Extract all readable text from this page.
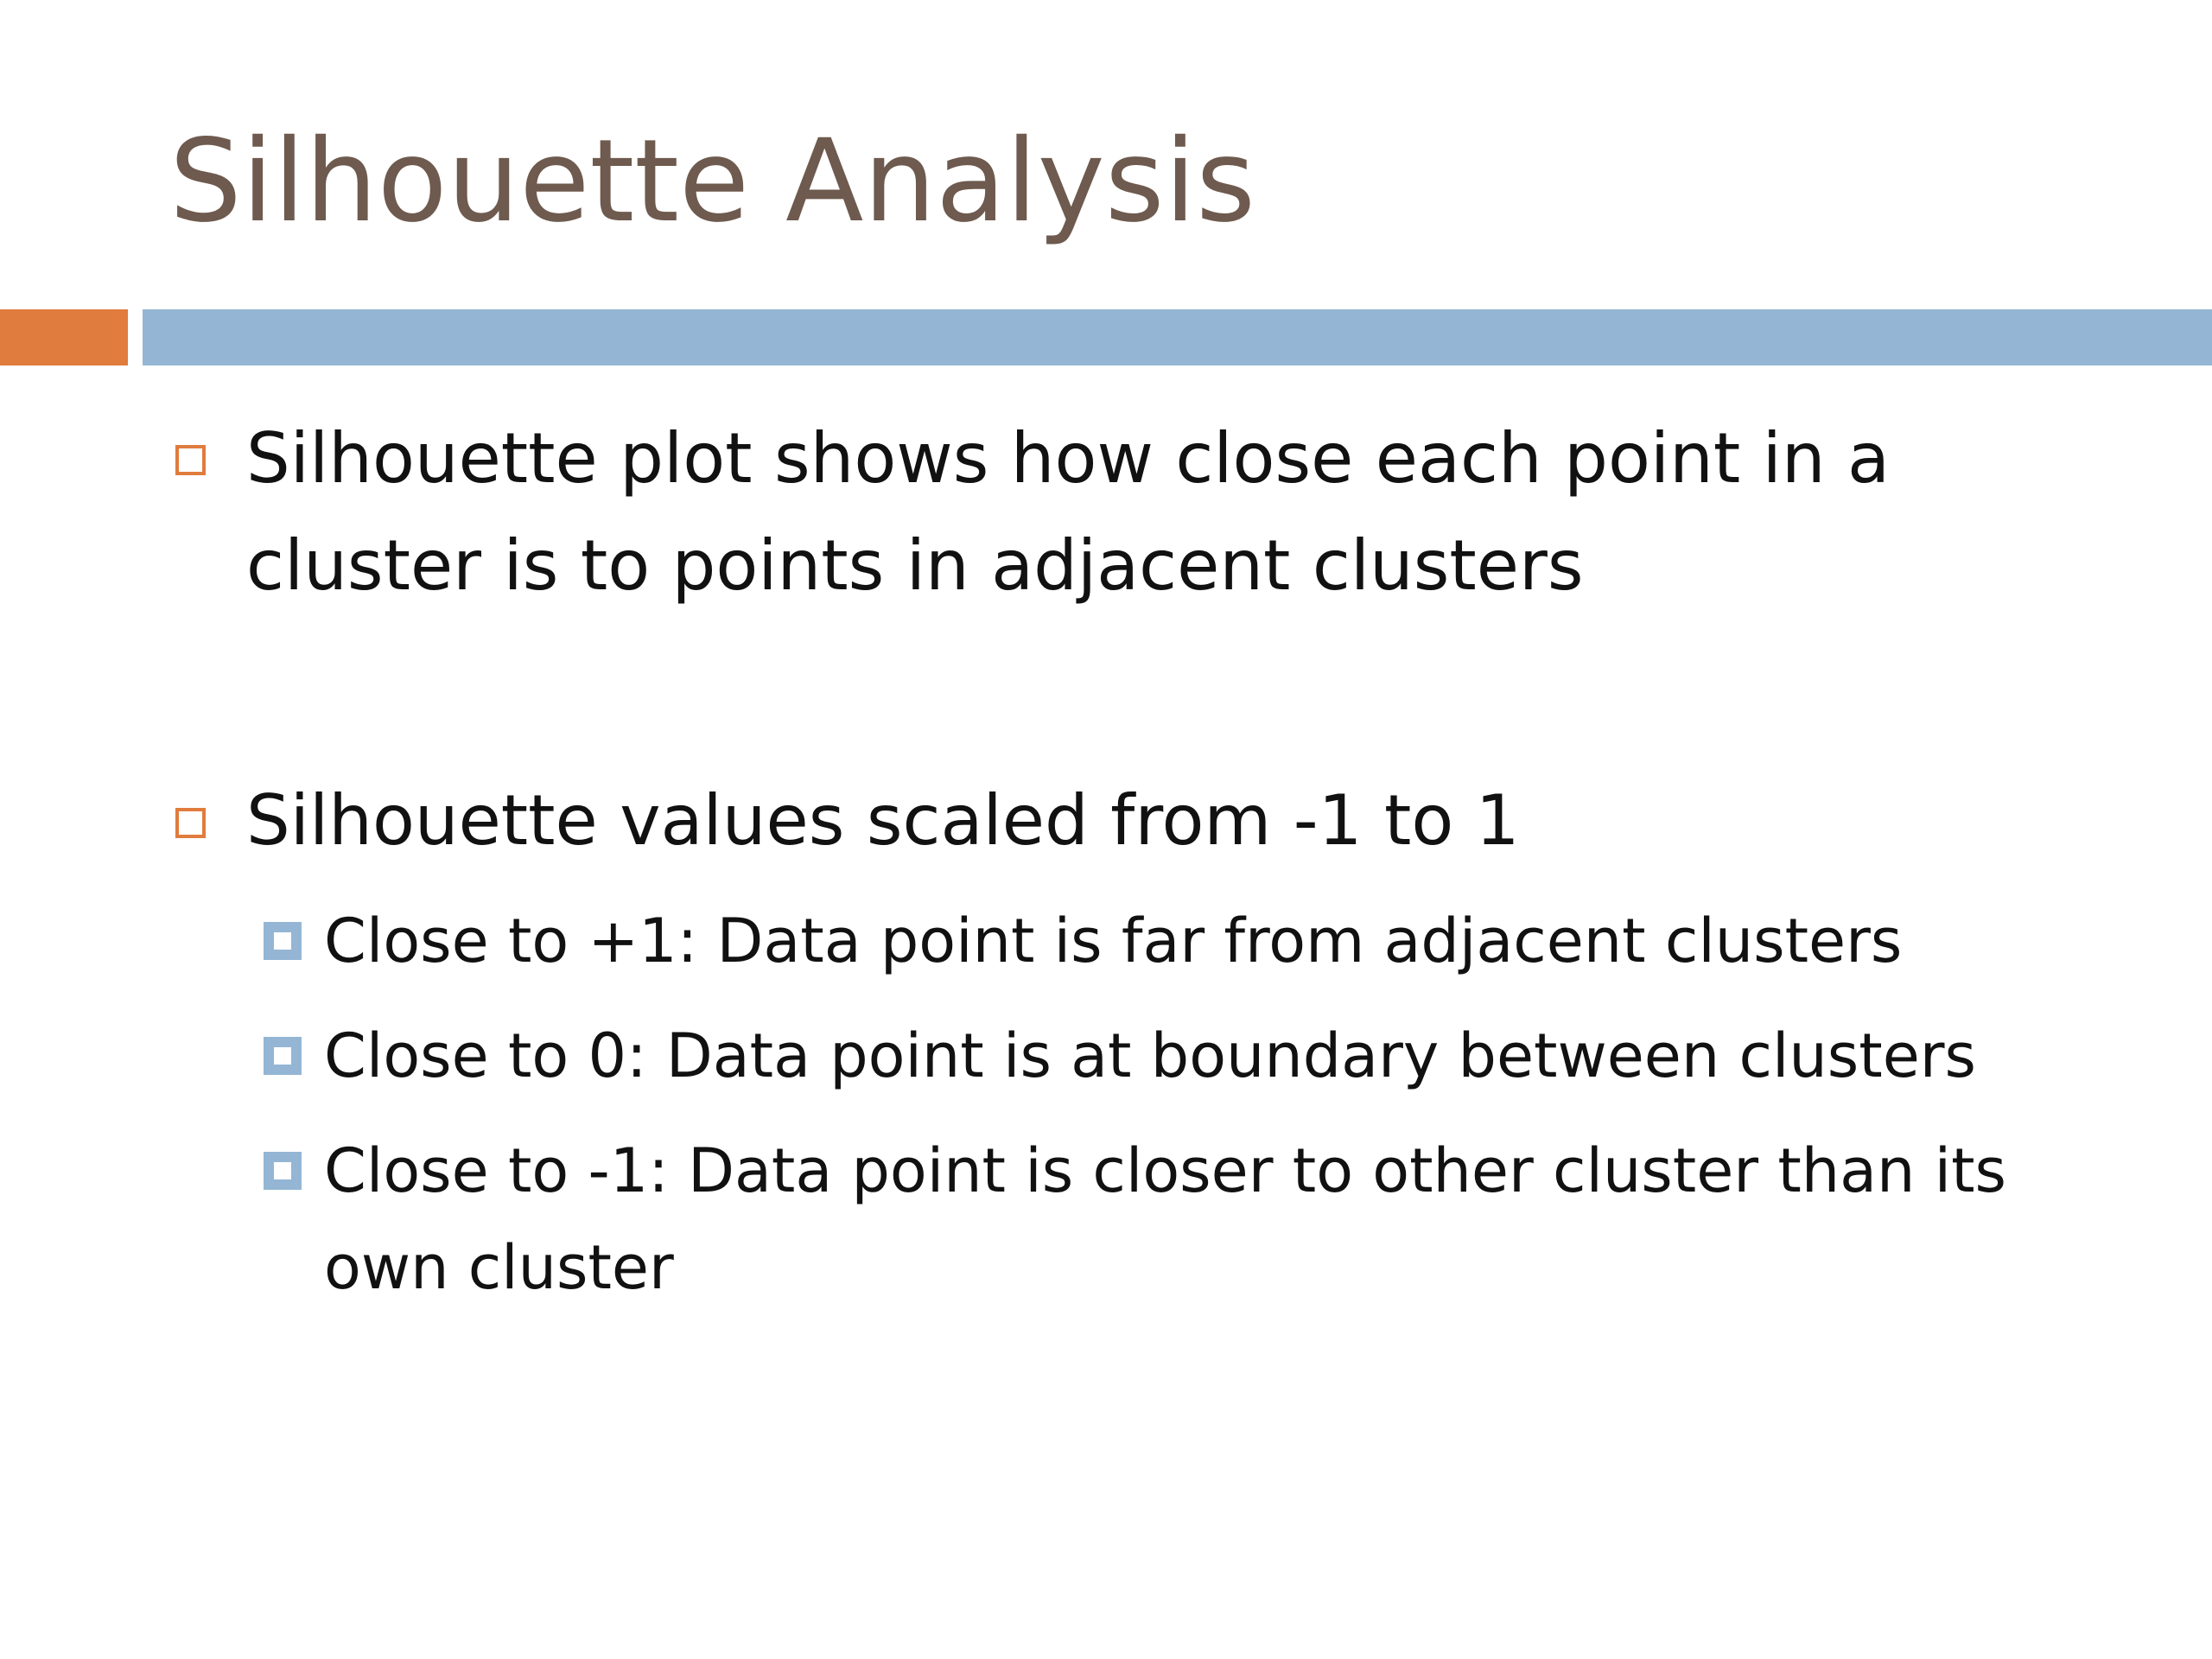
Silhouette Analysis
Silhouette plot shows how close each point in a cluster is to points in adjacent clusters
Silhouette values scaled from -1 to 1
Close to +1: Data point is far from adjacent clusters
Close to 0: Data point is at boundary between clusters
Close to -1: Data point is closer to other cluster than its own cluster
